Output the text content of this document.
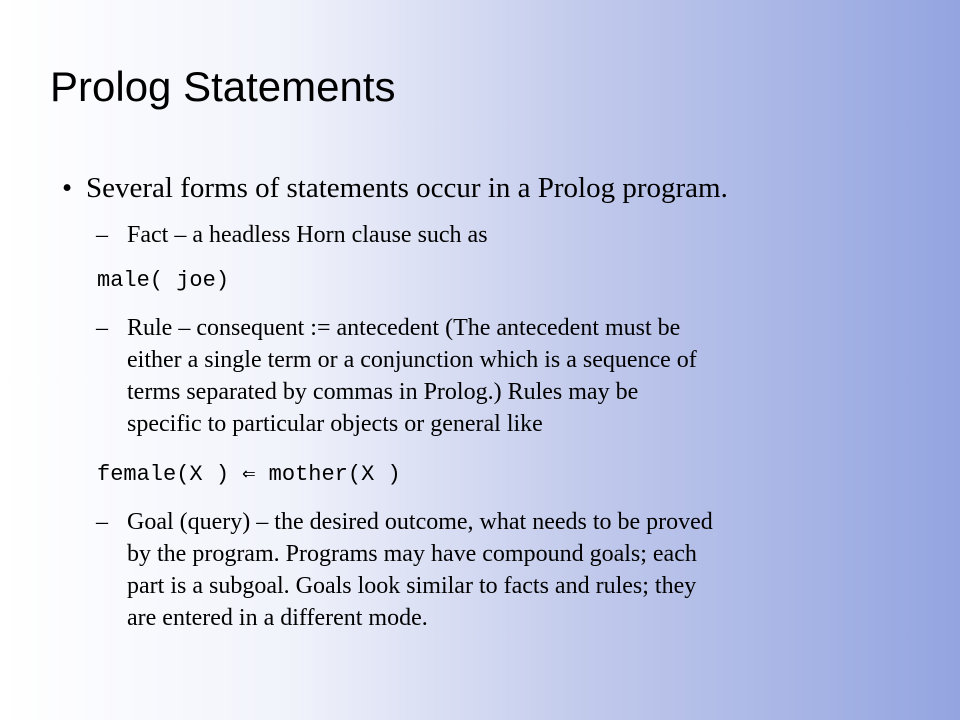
Prolog Statements
• Several forms of statements occur in a Prolog program.

– Fact – a headless Horn clause such as

male( joe)

– Rule – consequent := antecedent (The antecedent must be

either a single term or a conjunction which is a sequence of

terms separated by commas in Prolog.) Rules may be

specific to particular objects or general like

female(X ) ⇐ mother(X )

– Goal (query) – the desired outcome, what needs to be proved

by the program. Programs may have compound goals; each

part is a subgoal. Goals look similar to facts and rules; they

are entered in a different mode.
